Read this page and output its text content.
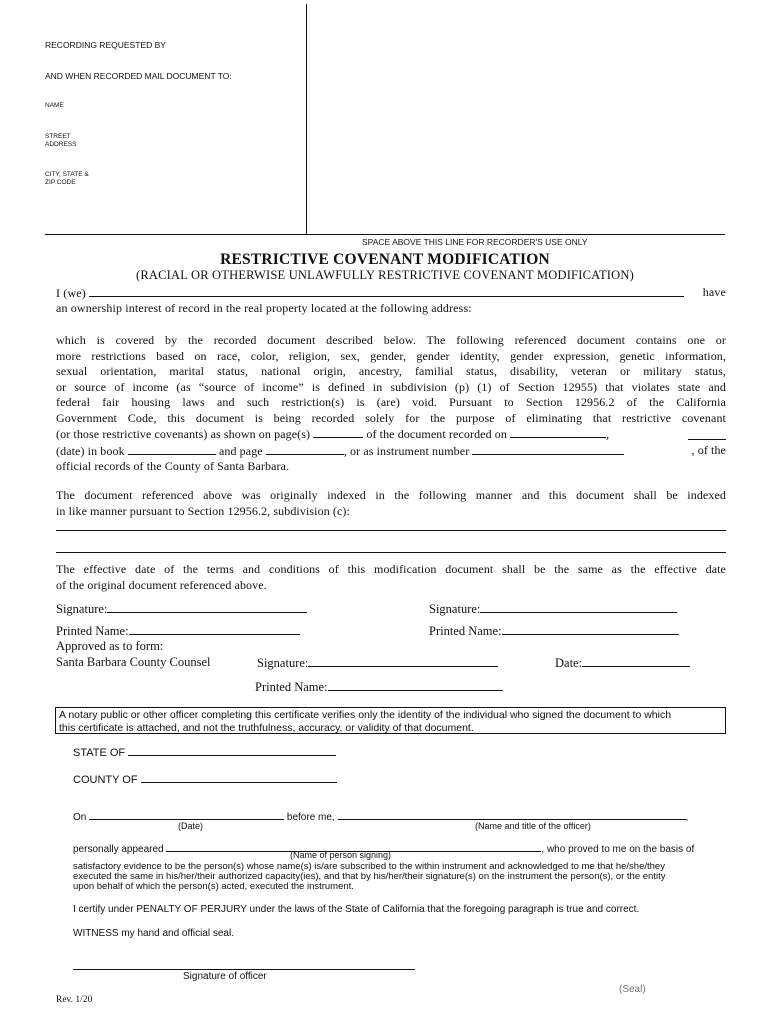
RECORDING REQUESTED BY
AND WHEN RECORDED MAIL DOCUMENT TO:
NAME
STREET
ADDRESS
CITY, STATE &
ZIP CODE
SPACE ABOVE THIS LINE FOR RECORDER'S USE ONLY
RESTRICTIVE COVENANT MODIFICATION
(RACIAL OR OTHERWISE UNLAWFULLY RESTRICTIVE COVENANT MODIFICATION)
I (we)	have
an ownership interest of record in the real property located at the following address:
which is covered by the recorded document described below. The following referenced document contains one or
more restrictions based on race, color, religion, sex, gender, gender identity, gender expression, genetic information,
sexual orientation, marital status, national origin, ancestry, familial status, disability, veteran or military status,
or source of income (as “source of income” is defined in subdivision (p) (1) of Section 12955) that violates state and
federal fair housing laws and such restriction(s) is (are) void. Pursuant to Section 12956.2 of the California
Government Code, this document is being recorded solely for the purpose of eliminating that restrictive covenant
(or those restrictive covenants) as shown on page(s)	of the document recorded on	,
(date) in book	and page	, or as instrument number	, of the
official records of the County of Santa Barbara.
The document referenced above was originally indexed in the following manner and this document shall be indexed
in like manner pursuant to Section 12956.2, subdivision (c):
The effective date of the terms and conditions of this modification document shall be the same as the effective date
of the original document referenced above.
Signature:	Signature:
Printed Name:	Printed Name:
Approved as to form:
Santa Barbara County Counsel	Signature:	Date:
Printed Name:
A notary public or other officer completing this certificate verifies only the identity of the individual who signed the document to which
this certificate is attached, and not the truthfulness, accuracy, or validity of that document.
STATE OF
COUNTY OF
On	before me,	,
(Date)	(Name and title of the officer)
personally appeared	, who proved to me on the basis of
(Name of person signing)
satisfactory evidence to be the person(s) whose name(s) is/are subscribed to the within instrument and acknowledged to me that he/she/they
executed the same in his/her/their authorized capacity(ies), and that by his/her/their signature(s) on the instrument the person(s), or the entity
upon behalf of which the person(s) acted, executed the instrument.
I certify under PENALTY OF PERJURY under the laws of the State of California that the foregoing paragraph is true and correct.
WITNESS my hand and official seal.
Signature of officer
(Seal)
Rev. 1/20
